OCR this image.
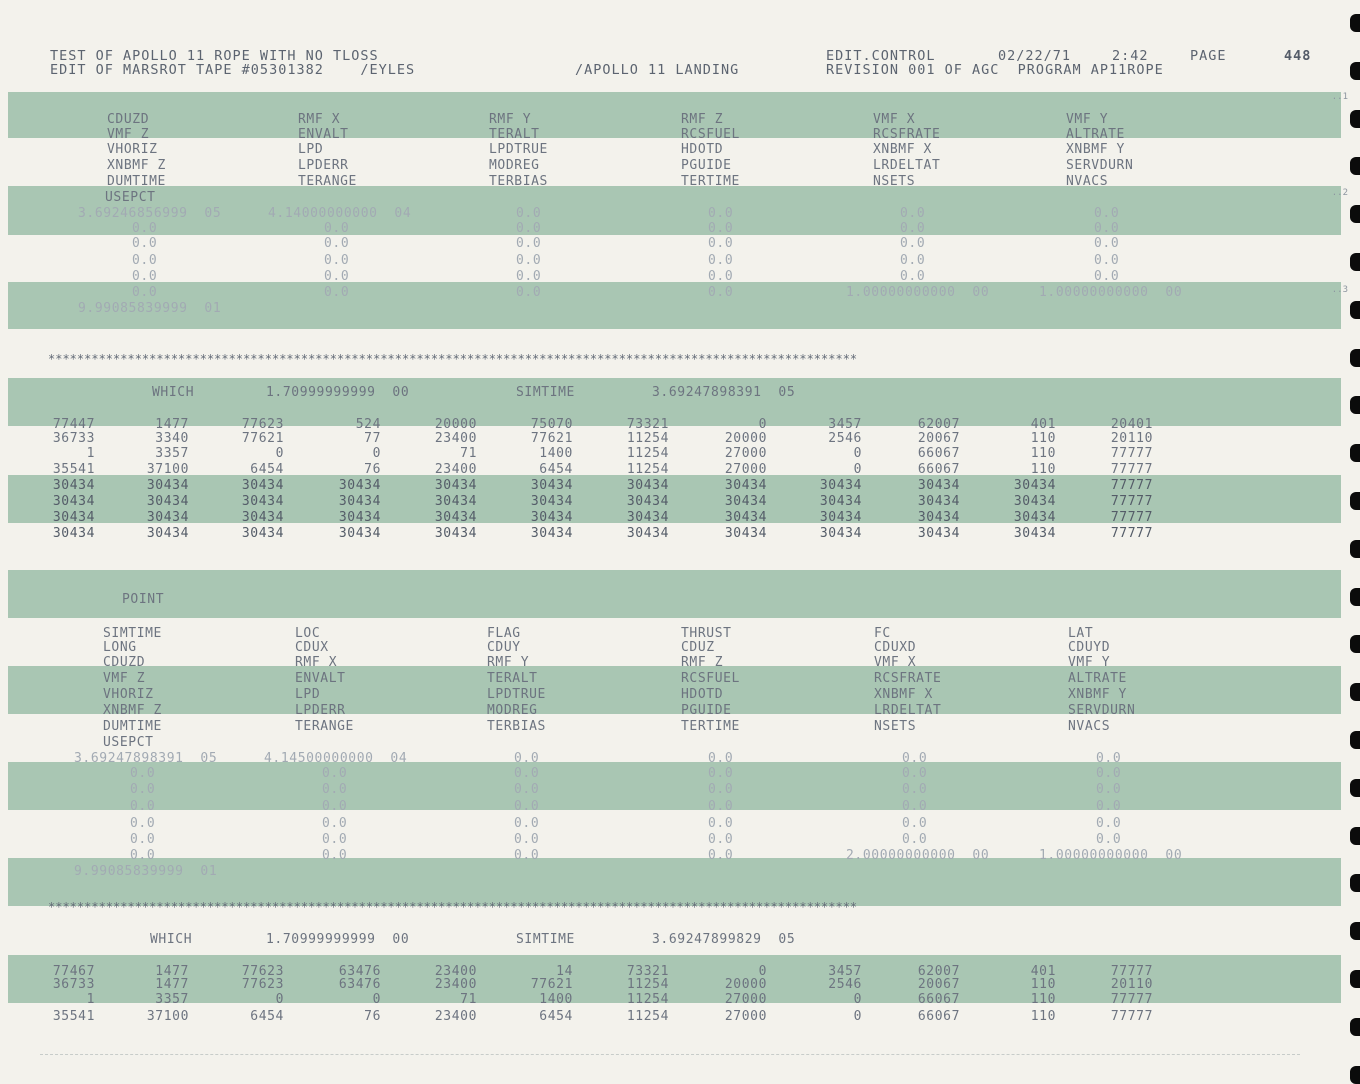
TEST OF APOLLO 11 ROPE WITH NO TLOSS
EDIT OF MARSROT TAPE #05301382    /EYLES	/APOLLO 11 LANDING
EDIT.CONTROL	02/22/71	2:42	PAGE	448
REVISION 001 OF AGC  PROGRAM AP11ROPE
..1
..2
..3
****************************************************************************************************************
****************************************************************************************************************
WHICH	1.70999999999  00	SIMTIME	3.69247898391  05
POINT
WHICH	1.70999999999  00	SIMTIME	3.69247899829  05
CDUZD	RMF X	RMF Y	RMF Z	VMF X	VMF Y
VMF Z	ENVALT	TERALT	RCSFUEL	RCSFRATE	ALTRATE
VHORIZ	LPD	LPDTRUE	HDOTD	XNBMF X	XNBMF Y
XNBMF Z	LPDERR	MODREG	PGUIDE	LRDELTAT	SERVDURN
DUMTIME	TERANGE	TERBIAS	TERTIME	NSETS	NVACS
USEPCT
3.69246856999  05	4.14000000000  04	0.0	0.0	0.0	0.0
0.0	0.0	0.0	0.0	0.0	0.0
0.0	0.0	0.0	0.0	0.0	0.0
0.0	0.0	0.0	0.0	0.0	0.0
0.0	0.0	0.0	0.0	0.0	0.0
0.0	0.0	0.0	0.0	1.00000000000  00	1.00000000000  00
9.99085839999  01
77447	1477	77623	524	20000	75070	73321	0	3457	62007	401	20401
36733	3340	77621	77	23400	77621	11254	20000	2546	20067	110	20110
1	3357	0	0	71	1400	11254	27000	0	66067	110	77777
35541	37100	6454	76	23400	6454	11254	27000	0	66067	110	77777
30434	30434	30434	30434	30434	30434	30434	30434	30434	30434	30434	77777
30434	30434	30434	30434	30434	30434	30434	30434	30434	30434	30434	77777
30434	30434	30434	30434	30434	30434	30434	30434	30434	30434	30434	77777
30434	30434	30434	30434	30434	30434	30434	30434	30434	30434	30434	77777
SIMTIME	LOC	FLAG	THRUST	FC	LAT
LONG	CDUX	CDUY	CDUZ	CDUXD	CDUYD
CDUZD	RMF X	RMF Y	RMF Z	VMF X	VMF Y
VMF Z	ENVALT	TERALT	RCSFUEL	RCSFRATE	ALTRATE
VHORIZ	LPD	LPDTRUE	HDOTD	XNBMF X	XNBMF Y
XNBMF Z	LPDERR	MODREG	PGUIDE	LRDELTAT	SERVDURN
DUMTIME	TERANGE	TERBIAS	TERTIME	NSETS	NVACS
USEPCT
3.69247898391  05	4.14500000000  04	0.0	0.0	0.0	0.0
0.0	0.0	0.0	0.0	0.0	0.0
0.0	0.0	0.0	0.0	0.0	0.0
0.0	0.0	0.0	0.0	0.0	0.0
0.0	0.0	0.0	0.0	0.0	0.0
0.0	0.0	0.0	0.0	0.0	0.0
0.0	0.0	0.0	0.0	2.00000000000  00	1.00000000000  00
9.99085839999  01
77467	1477	77623	63476	23400	14	73321	0	3457	62007	401	77777
36733	1477	77623	63476	23400	77621	11254	20000	2546	20067	110	20110
1	3357	0	0	71	1400	11254	27000	0	66067	110	77777
35541	37100	6454	76	23400	6454	11254	27000	0	66067	110	77777
